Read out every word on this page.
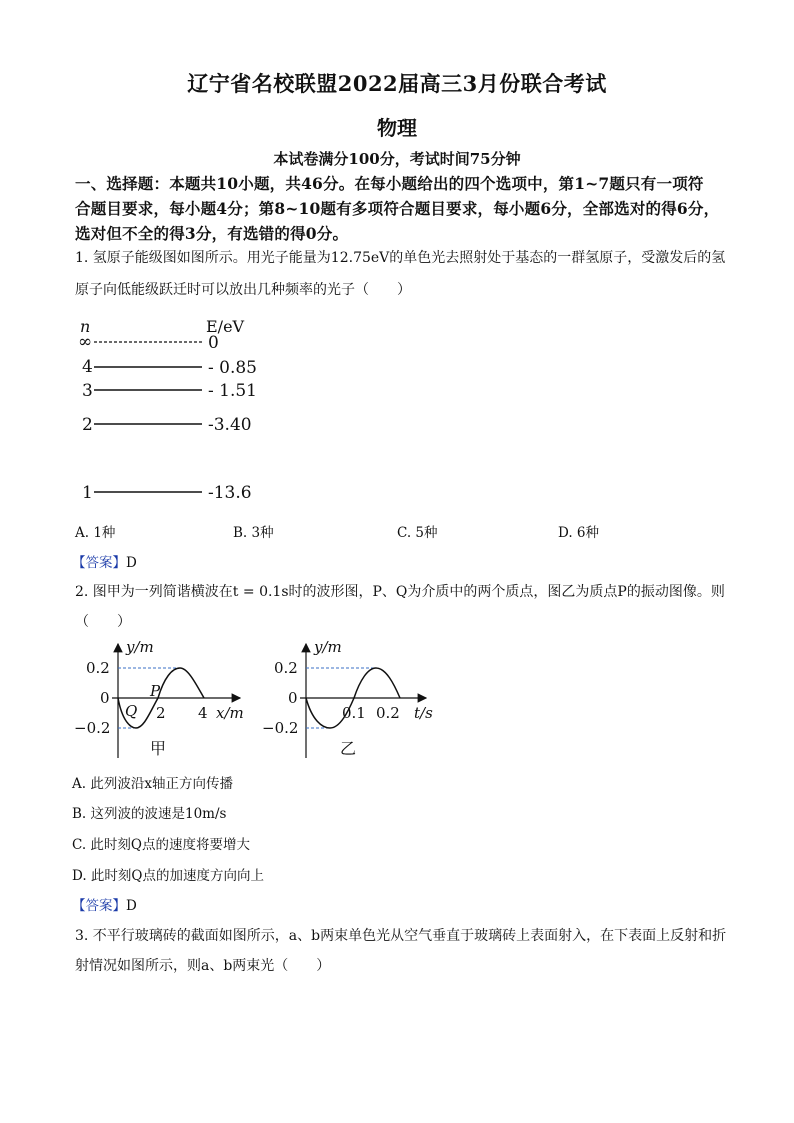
辽宁省名校联盟2022届高三3月份联合考试
物理
本试卷满分100分，考试时间75分钟
一、选择题：本题共10小题，共46分。在每小题给出的四个选项中，第1~7题只有一项符
合题目要求，每小题4分；第8~10题有多项符合题目要求，每小题6分，全部选对的得6分，
选对但不全的得3分，有选错的得0分。
1. 氢原子能级图如图所示。用光子能量为12.75eV的单色光去照射处于基态的一群氢原子，受激发后的氢
原子向低能级跃迁时可以放出几种频率的光子（　　）
n	E/eV
∞	0
4	- 0.85
3	- 1.51
2	-3.40
1	-13.6
A. 1种	B. 3种	C. 5种	D. 6种
【答案】D
2. 图甲为一列简谐横波在t = 0.1s时的波形图，P、Q为介质中的两个质点，图乙为质点P的振动图像。则
（　　）
y/m
0.2
0
−0.2
P
Q 2 4 x/m
甲
y/m
0.2
0
−0.2
0.1 0.2 t/s
乙
A. 此列波沿x轴正方向传播
B. 这列波的波速是10m/s
C. 此时刻Q点的速度将要增大
D. 此时刻Q点的加速度方向向上
【答案】D
3. 不平行玻璃砖的截面如图所示，a、b两束单色光从空气垂直于玻璃砖上表面射入，在下表面上反射和折
射情况如图所示，则a、b两束光（　　）
